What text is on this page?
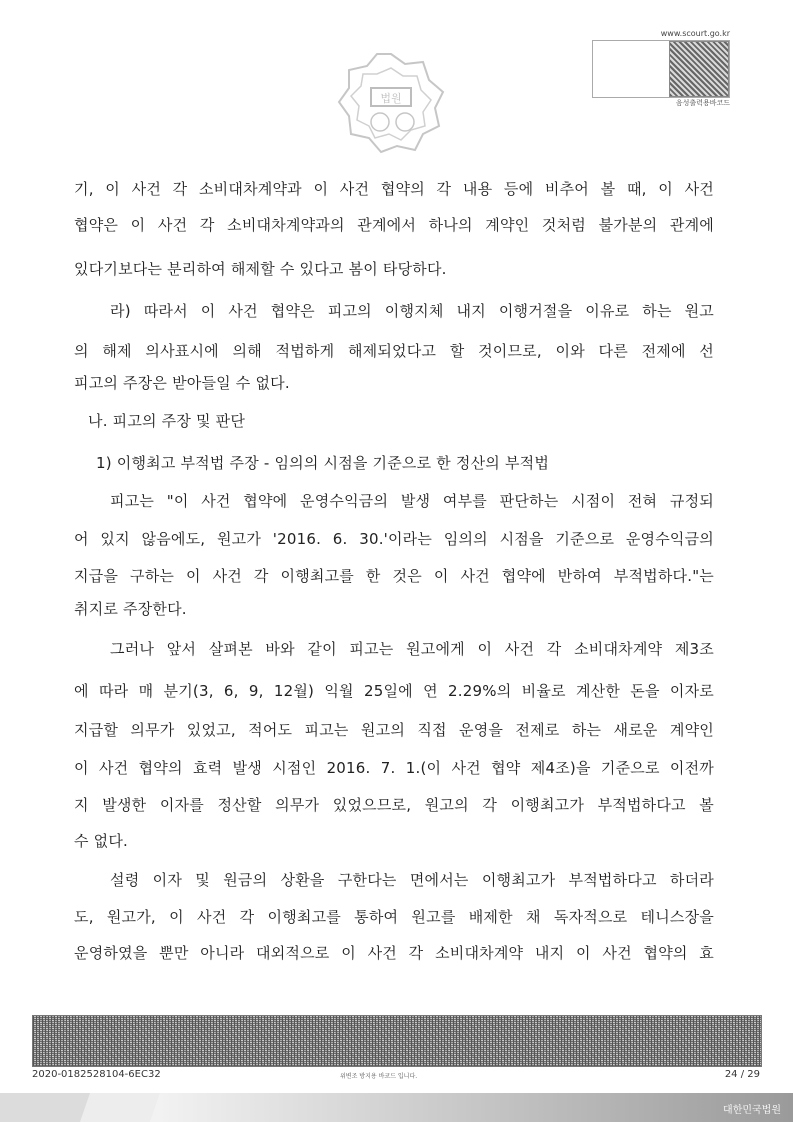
법원
www.scourt.go.kr
음성출력용바코드
기, 이 사건 각 소비대차계약과 이 사건 협약의 각 내용 등에 비추어 볼 때, 이 사건
협약은 이 사건 각 소비대차계약과의 관계에서 하나의 계약인 것처럼 불가분의 관계에
있다기보다는 분리하여 해제할 수 있다고 봄이 타당하다.
라) 따라서 이 사건 협약은 피고의 이행지체 내지 이행거절을 이유로 하는 원고
의 해제 의사표시에 의해 적법하게 해제되었다고 할 것이므로, 이와 다른 전제에 선
피고의 주장은 받아들일 수 없다.
나. 피고의 주장 및 판단
1) 이행최고 부적법 주장 - 임의의 시점을 기준으로 한 정산의 부적법
피고는 "이 사건 협약에 운영수익금의 발생 여부를 판단하는 시점이 전혀 규정되
어 있지 않음에도, 원고가 '2016. 6. 30.'이라는 임의의 시점을 기준으로 운영수익금의
지급을 구하는 이 사건 각 이행최고를 한 것은 이 사건 협약에 반하여 부적법하다."는
취지로 주장한다.
그러나 앞서 살펴본 바와 같이 피고는 원고에게 이 사건 각 소비대차계약 제3조
에 따라 매 분기(3, 6, 9, 12월) 익월 25일에 연 2.29%의 비율로 계산한 돈을 이자로
지급할 의무가 있었고, 적어도 피고는 원고의 직접 운영을 전제로 하는 새로운 계약인
이 사건 협약의 효력 발생 시점인 2016. 7. 1.(이 사건 협약 제4조)을 기준으로 이전까
지 발생한 이자를 정산할 의무가 있었으므로, 원고의 각 이행최고가 부적법하다고 볼
수 없다.
설령 이자 및 원금의 상환을 구한다는 면에서는 이행최고가 부적법하다고 하더라
도, 원고가, 이 사건 각 이행최고를 통하여 원고를 배제한 채 독자적으로 테니스장을
운영하였을 뿐만 아니라 대외적으로 이 사건 각 소비대차계약 내지 이 사건 협약의 효
2020-0182528104-6EC32	위변조 방지용 바코드 입니다.	24 / 29
대한민국법원
